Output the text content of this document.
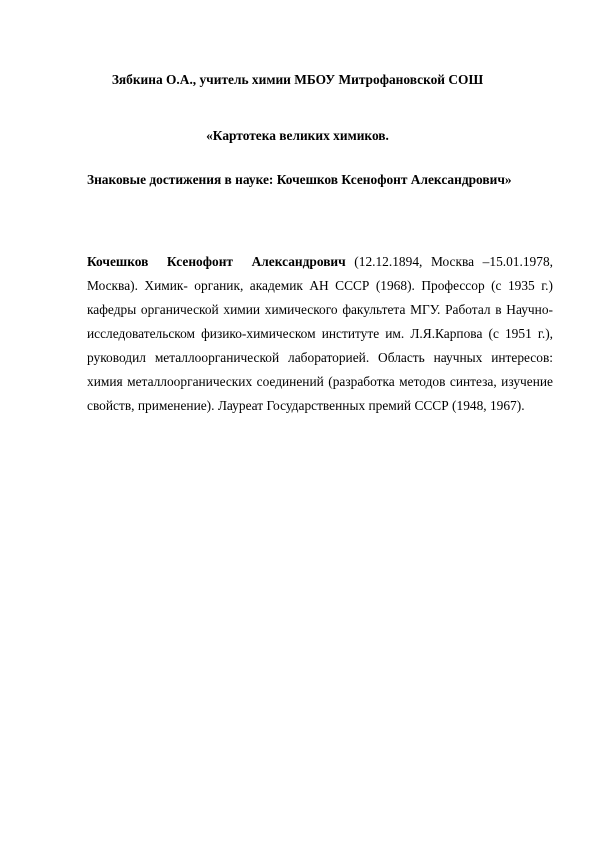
Зябкина О.А., учитель химии МБОУ Митрофановской СОШ
«Картотека великих химиков.
Знаковые достижения в науке: Кочешков Ксенофонт Александрович»

Кочешков Ксенофонт Александрович (12.12.1894, Москва –15.01.1978, Москва). Химик- органик, академик АН СССР (1968). Профессор (с 1935 г.) кафедры органической химии химического факультета МГУ. Работал в Научно-исследовательском физико-химическом институте им. Л.Я.Карпова (с 1951 г.), руководил металлоорганической лабораторией. Область научных интересов: химия металлоорганических соединений (разработка методов синтеза, изучение свойств, применение). Лауреат Государственных премий СССР (1948, 1967).
